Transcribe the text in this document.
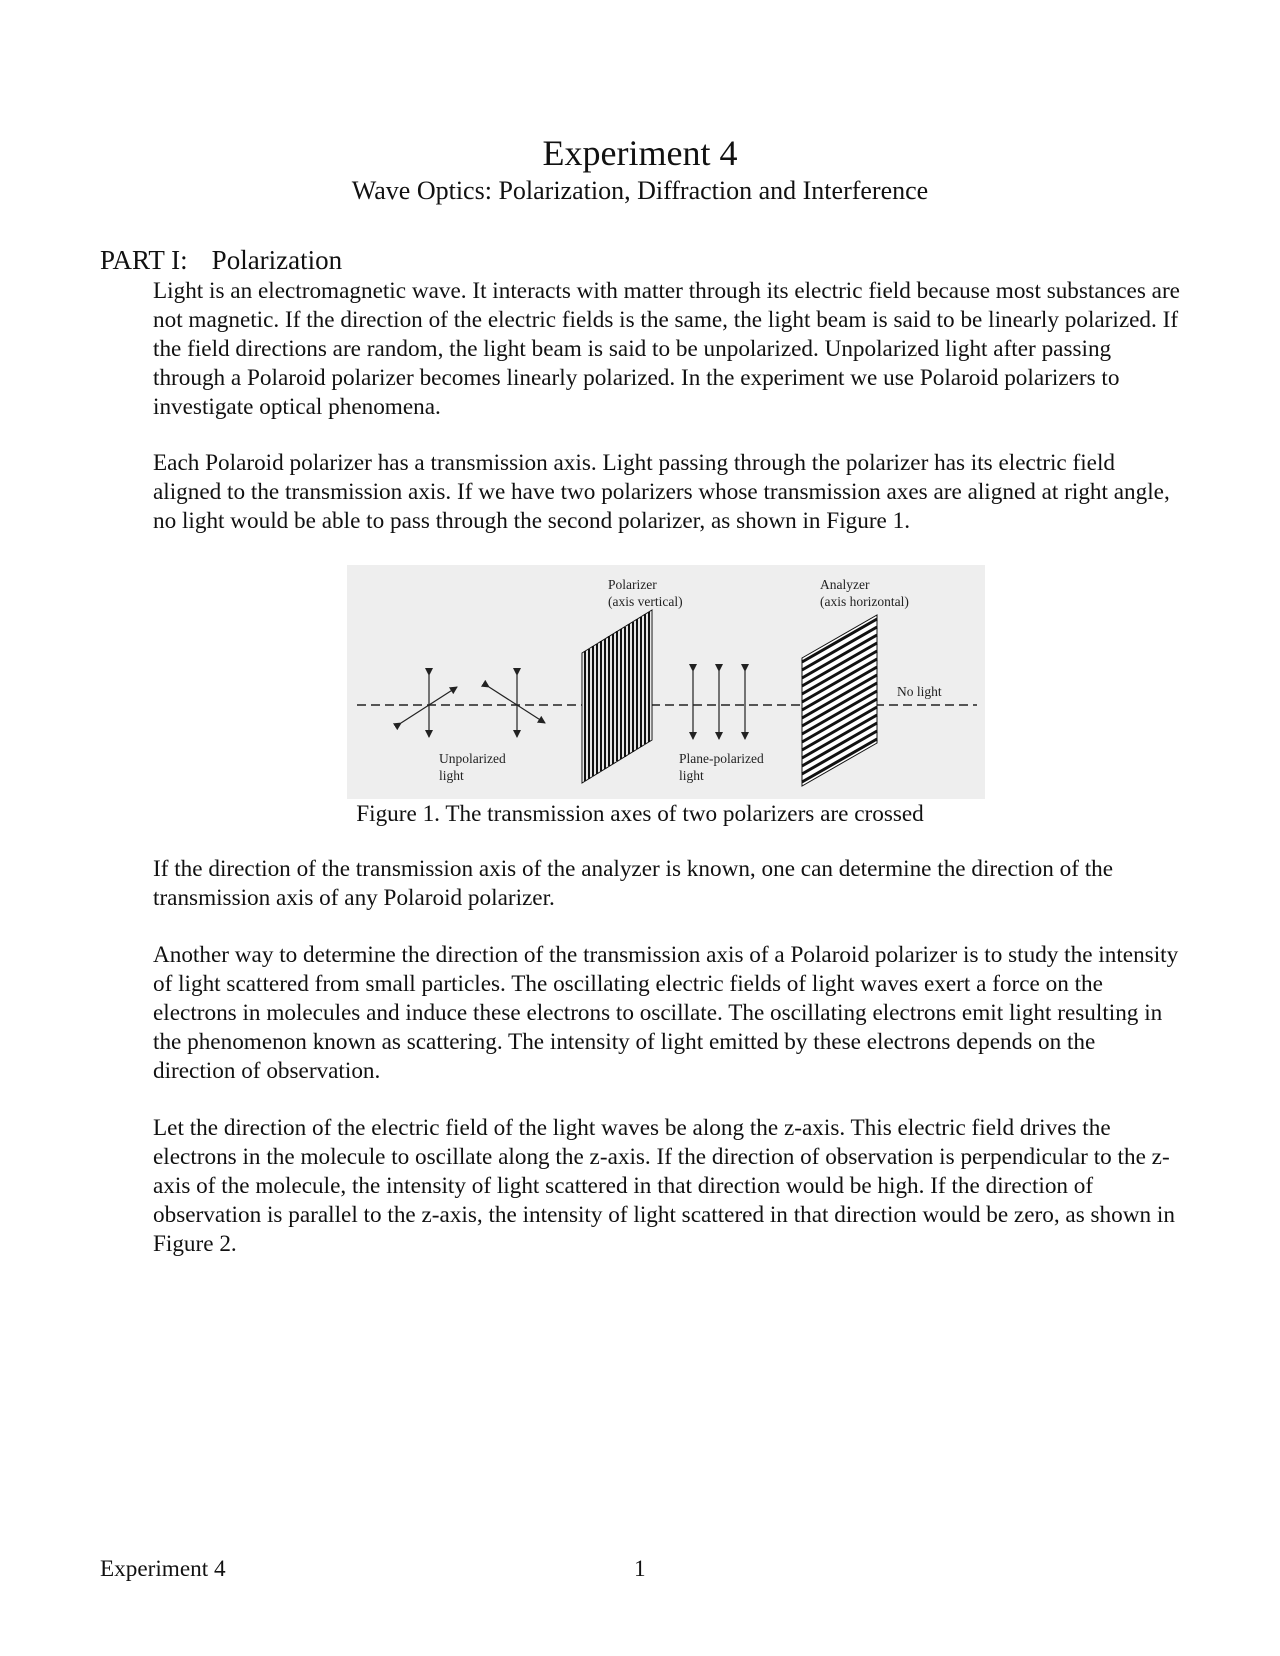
Experiment 4
Wave Optics: Polarization, Diffraction and Interference
PART I: Polarization

Light is an electromagnetic wave. It interacts with matter through its electric field because most substances are not magnetic. If the direction of the electric fields is the same, the light beam is said to be linearly polarized. If the field directions are random, the light beam is said to be unpolarized. Unpolarized light after passing through a Polaroid polarizer becomes linearly polarized. In the experiment we use Polaroid polarizers to investigate optical phenomena.

Each Polaroid polarizer has a transmission axis. Light passing through the polarizer has its electric field aligned to the transmission axis. If we have two polarizers whose transmission axes are aligned at right angle, no light would be able to pass through the second polarizer, as shown in Figure 1.

Polarizer
(axis vertical)
Analyzer
(axis horizontal)
No light
Unpolarized
light
Plane-polarized
light
Figure 1. The transmission axes of two polarizers are crossed

If the direction of the transmission axis of the analyzer is known, one can determine the direction of the transmission axis of any Polaroid polarizer.

Another way to determine the direction of the transmission axis of a Polaroid polarizer is to study the intensity of light scattered from small particles. The oscillating electric fields of light waves exert a force on the electrons in molecules and induce these electrons to oscillate. The oscillating electrons emit light resulting in the phenomenon known as scattering. The intensity of light emitted by these electrons depends on the direction of observation.

Let the direction of the electric field of the light waves be along the z-axis. This electric field drives the electrons in the molecule to oscillate along the z-axis. If the direction of observation is perpendicular to the z-axis of the molecule, the intensity of light scattered in that direction would be high. If the direction of observation is parallel to the z-axis, the intensity of light scattered in that direction would be zero, as shown in Figure 2.

Experiment 4	1
